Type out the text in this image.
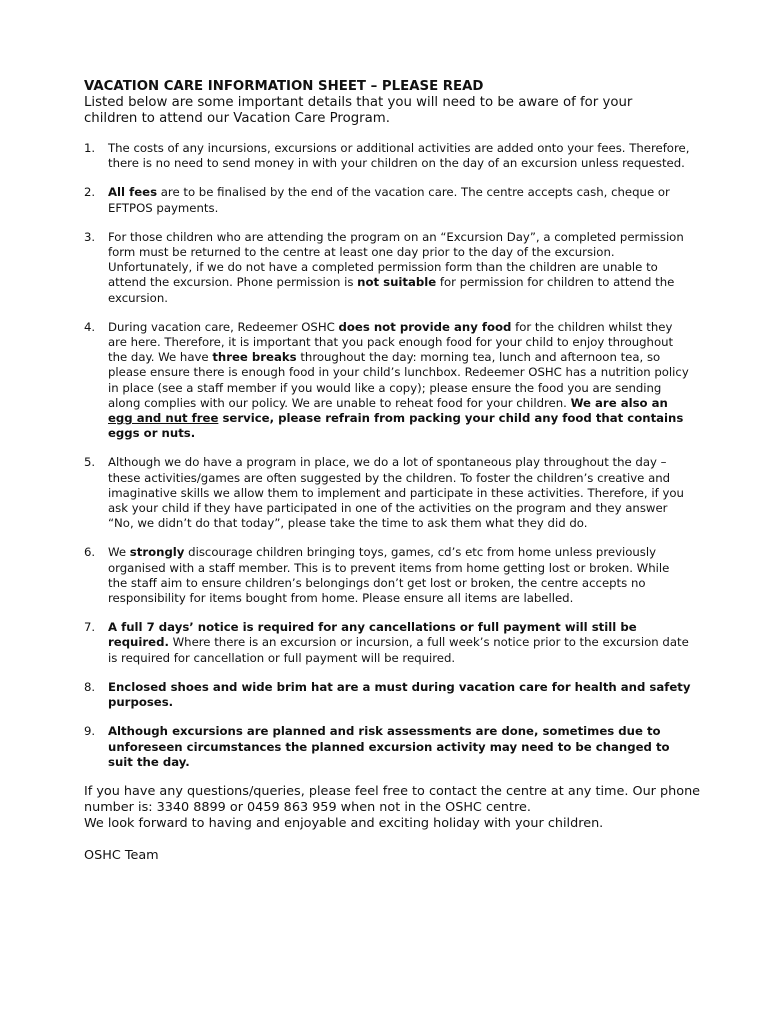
VACATION CARE INFORMATION SHEET – PLEASE READ

Listed below are some important details that you will need to be aware of for your children to attend our Vacation Care Program.

1. The costs of any incursions, excursions or additional activities are added onto your fees. Therefore, there is no need to send money in with your children on the day of an excursion unless requested.
2. All fees are to be finalised by the end of the vacation care. The centre accepts cash, cheque or EFTPOS payments.
3. For those children who are attending the program on an “Excursion Day”, a completed permission form must be returned to the centre at least one day prior to the day of the excursion. Unfortunately, if we do not have a completed permission form than the children are unable to attend the excursion. Phone permission is not suitable for permission for children to attend the excursion.
4. During vacation care, Redeemer OSHC does not provide any food for the children whilst they are here. Therefore, it is important that you pack enough food for your child to enjoy throughout the day. We have three breaks throughout the day: morning tea, lunch and afternoon tea, so please ensure there is enough food in your child’s lunchbox. Redeemer OSHC has a nutrition policy in place (see a staff member if you would like a copy); please ensure the food you are sending along complies with our policy. We are unable to reheat food for your children. We are also an egg and nut free service, please refrain from packing your child any food that contains eggs or nuts.
5. Although we do have a program in place, we do a lot of spontaneous play throughout the day – these activities/games are often suggested by the children. To foster the children’s creative and imaginative skills we allow them to implement and participate in these activities. Therefore, if you ask your child if they have participated in one of the activities on the program and they answer “No, we didn’t do that today”, please take the time to ask them what they did do.
6. We strongly discourage children bringing toys, games, cd’s etc from home unless previously organised with a staff member. This is to prevent items from home getting lost or broken. While the staff aim to ensure children’s belongings don’t get lost or broken, the centre accepts no responsibility for items bought from home. Please ensure all items are labelled.
7. A full 7 days’ notice is required for any cancellations or full payment will still be required. Where there is an excursion or incursion, a full week’s notice prior to the excursion date is required for cancellation or full payment will be required.
8. Enclosed shoes and wide brim hat are a must during vacation care for health and safety purposes.
9. Although excursions are planned and risk assessments are done, sometimes due to unforeseen circumstances the planned excursion activity may need to be changed to suit the day.

If you have any questions/queries, please feel free to contact the centre at any time. Our phone number is: 3340 8899 or 0459 863 959 when not in the OSHC centre.

We look forward to having and enjoyable and exciting holiday with your children.

OSHC Team
